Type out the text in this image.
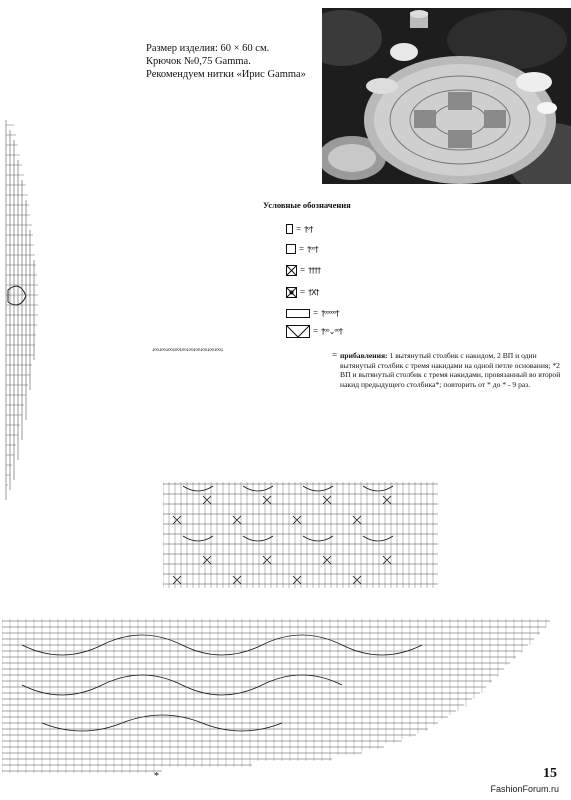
Размер изделия: 60 × 60 см.
Крючок №0,75 Gamma.
Рекомендуем нитки «Ирис Gamma»
Условные обозначения
= †ᵒ†
= †ᵒᵒ†
= ††††
= †X†
= †ᵒᵒᵒᵒᵒ†
= †ᵒᵒ⌄ᵒᵒ†
ꜜᵒᵒꜜᵒᵒꜜᵒᵒꜜᵒᵒꜜᵒᵒꜜᵒᵒꜜᵒᵒꜜᵒᵒꜜᵒᵒꜜᵒᵒꜜ	= прибавления: 1 вытянутый столбик с накидом, 2 ВП и один вытянутый столбик с тремя накидами на одной петле основания; *2 ВП и вытянутый столбик с тремя накидами, провязанный во второй накид предыдущего столбика*; повторить от * до * - 9 раз.
*	15
FashionForum.ru
